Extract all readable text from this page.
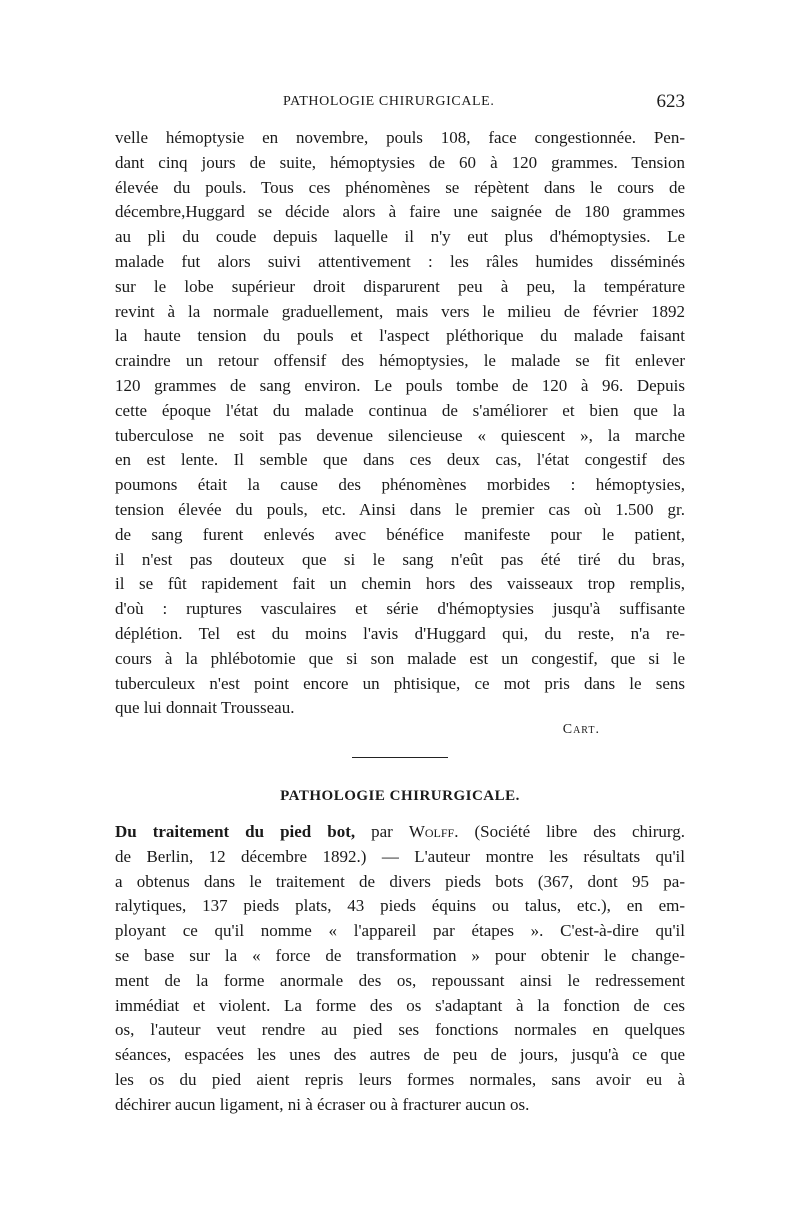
PATHOLOGIE CHIRURGICALE.	623
velle hémoptysie en novembre, pouls 108, face congestionnée. Pen-
dant cinq jours de suite, hémoptysies de 60 à 120 grammes. Tension
élevée du pouls. Tous ces phénomènes se répètent dans le cours de
décembre,Huggard se décide alors à faire une saignée de 180 grammes
au pli du coude depuis laquelle il n'y eut plus d'hémoptysies. Le
malade fut alors suivi attentivement : les râles humides disséminés
sur le lobe supérieur droit disparurent peu à peu, la température
revint à la normale graduellement, mais vers le milieu de février 1892
la haute tension du pouls et l'aspect pléthorique du malade faisant
craindre un retour offensif des hémoptysies, le malade se fit enlever
120 grammes de sang environ. Le pouls tombe de 120 à 96. Depuis
cette époque l'état du malade continua de s'améliorer et bien que la
tuberculose ne soit pas devenue silencieuse « quiescent », la marche
en est lente. Il semble que dans ces deux cas, l'état congestif des
poumons était la cause des phénomènes morbides : hémoptysies,
tension élevée du pouls, etc. Ainsi dans le premier cas où 1.500 gr.
de sang furent enlevés avec bénéfice manifeste pour le patient,
il n'est pas douteux que si le sang n'eût pas été tiré du bras,
il se fût rapidement fait un chemin hors des vaisseaux trop remplis,
d'où : ruptures vasculaires et série d'hémoptysies jusqu'à suffisante
déplétion. Tel est du moins l'avis d'Huggard qui, du reste, n'a re-
cours à la phlébotomie que si son malade est un congestif, que si le
tuberculeux n'est point encore un phtisique, ce mot pris dans le sens
que lui donnait Trousseau.
Cart.
PATHOLOGIE CHIRURGICALE.
Du traitement du pied bot, par Wolff. (Société libre des chirurg.
de Berlin, 12 décembre 1892.) — L'auteur montre les résultats qu'il
a obtenus dans le traitement de divers pieds bots (367, dont 95 pa-
ralytiques, 137 pieds plats, 43 pieds équins ou talus, etc.), en em-
ployant ce qu'il nomme « l'appareil par étapes ». C'est-à-dire qu'il
se base sur la « force de transformation » pour obtenir le change-
ment de la forme anormale des os, repoussant ainsi le redressement
immédiat et violent. La forme des os s'adaptant à la fonction de ces
os, l'auteur veut rendre au pied ses fonctions normales en quelques
séances, espacées les unes des autres de peu de jours, jusqu'à ce que
les os du pied aient repris leurs formes normales, sans avoir eu à
déchirer aucun ligament, ni à écraser ou à fracturer aucun os.
